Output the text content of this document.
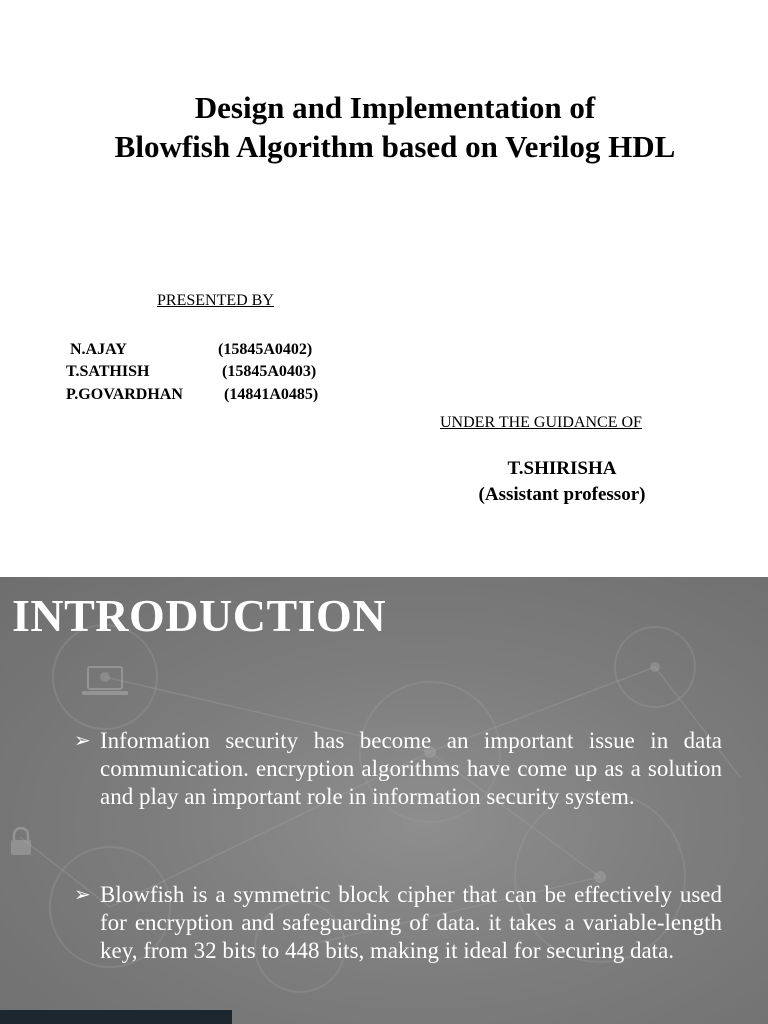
Design and Implementation of
Blowfish Algorithm based on Verilog HDL
PRESENTED BY
N.AJAY	(15845A0402)
T.SATHISH	(15845A0403)
P.GOVARDHAN	(14841A0485)
UNDER THE GUIDANCE OF
T.SHIRISHA
(Assistant professor)
INTRODUCTION
➢ Information security has become an important issue in data communication. encryption algorithms have come up as a solution and play an important role in information security system.
➢ Blowfish is a symmetric block cipher that can be effectively used for encryption and safeguarding of data. it takes a variable-length key, from 32 bits to 448 bits, making it ideal for securing data.
